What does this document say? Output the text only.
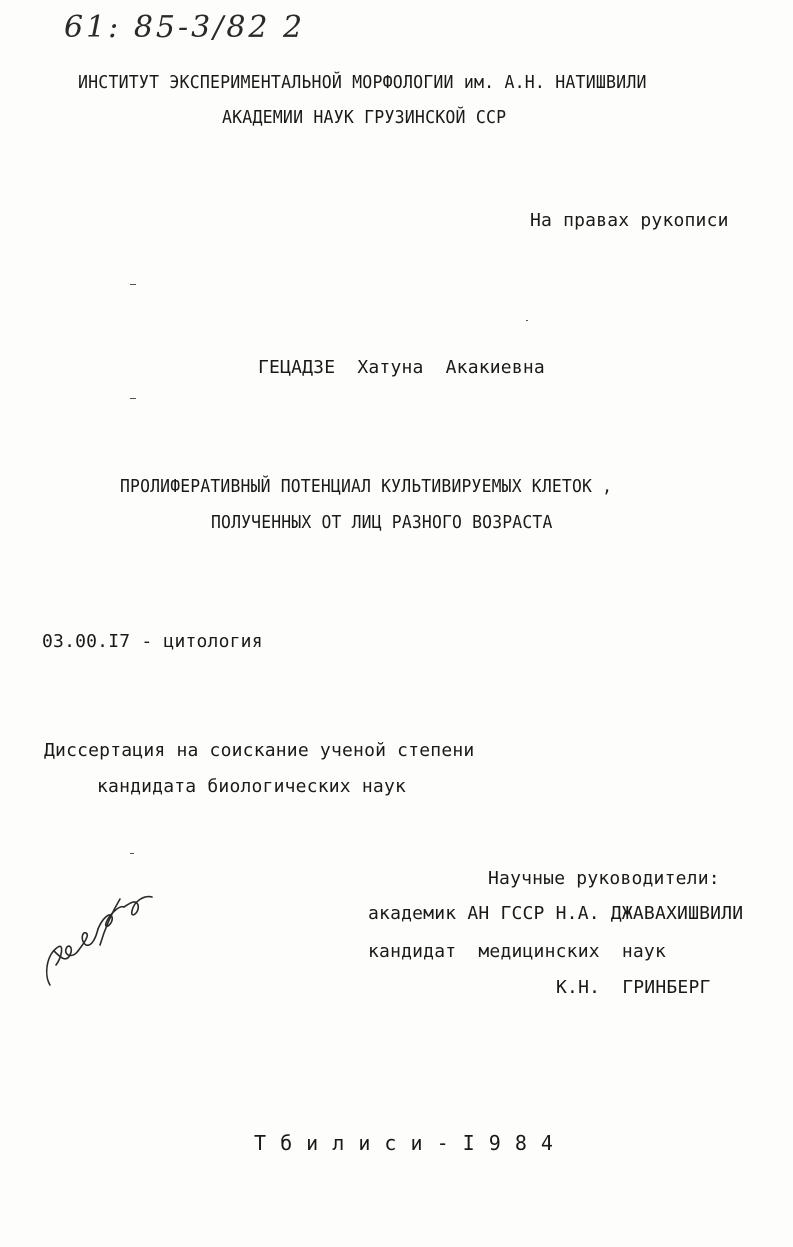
61: 85-3/82 2
ИНСТИТУТ ЭКСПЕРИМЕНТАЛЬНОЙ МОРФОЛОГИИ им. А.Н. НАТИШВИЛИ
АКАДЕМИИ НАУК ГРУЗИНСКОЙ ССР
На правах рукописи
ГЕЦАДЗЕ  Хатуна  Акакиевна
ПРОЛИФЕРАТИВНЫЙ ПОТЕНЦИАЛ КУЛЬТИВИРУЕМЫХ КЛЕТОК ,
ПОЛУЧЕННЫХ ОТ ЛИЦ РАЗНОГО ВОЗРАСТА
03.00.I7 - цитология
Диссертация на соискание ученой степени
кандидата биологических наук
Научные руководители:
академик АН ГССР Н.А. ДЖАВАХИШВИЛИ
кандидат  медицинских  наук
К.Н.  ГРИНБЕРГ
Т б и л и с и - I 9 8 4
